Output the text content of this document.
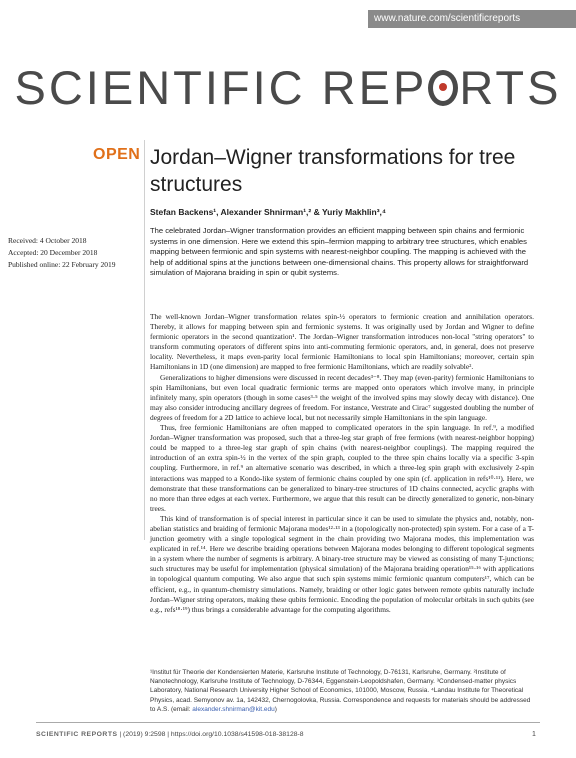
www.nature.com/scientificreports
SCIENTIFIC REP RTS
OPEN Jordan–Wigner transformations for tree structures
Stefan Backens¹, Alexander Shnirman¹,² & Yuriy Makhlin³,⁴
Received: 4 October 2018
Accepted: 20 December 2018
Published online: 22 February 2019
The celebrated Jordan–Wigner transformation provides an efficient mapping between spin chains and fermionic systems in one dimension. Here we extend this spin–fermion mapping to arbitrary tree structures, which enables mapping between fermionic and spin systems with nearest-neighbor coupling. The mapping is achieved with the help of additional spins at the junctions between one-dimensional chains. This property allows for straightforward simulation of Majorana braiding in spin or qubit systems.

The well-known Jordan–Wigner transformation relates spin-½ operators to fermionic creation and annihilation operators. Thereby, it allows for mapping between spin and fermionic systems. It was originally used by Jordan and Wigner to define fermionic operators in the second quantization¹. The Jordan–Wigner transformation introduces non-local "string operators" to transform commuting operators of different spins into anti-commuting fermionic operators, and, in general, does not preserve locality. Nevertheless, it maps even-parity local fermionic Hamiltonians to local spin Hamiltonians; moreover, certain spin Hamiltonians in 1D (one dimension) are mapped to free fermionic Hamiltonians, which are readily solvable².

Generalizations to higher dimensions were discussed in recent decades³⁻⁸. They map (even-parity) fermionic Hamiltonians to spin Hamiltonians, but even local quadratic fermionic terms are mapped onto operators which involve many, in principle infinitely many, spin operators (though in some cases³·⁵ the weight of the involved spins may slowly decay with distance). One may also consider introducing ancillary degrees of freedom. For instance, Verstrate and Cirac⁷ suggested doubling the number of degrees of freedom for a 2D lattice to achieve local, but not necessarily simple Hamiltonians in the spin language.

Thus, free fermionic Hamiltonians are often mapped to complicated operators in the spin language. In ref.⁹, a modified Jordan–Wigner transformation was proposed, such that a three-leg star graph of free fermions (with nearest-neighbor hopping) could be mapped to a three-leg star graph of spin chains (with nearest-neighbor couplings). The mapping required the introduction of an extra spin-½ in the vertex of the spin graph, coupled to the three spin chains locally via a specific 3-spin coupling. Furthermore, in ref.⁹ an alternative scenario was described, in which a three-leg spin graph with exclusively 2-spin interactions was mapped to a Kondo-like system of fermionic chains coupled by one spin (cf. application in refs¹⁰·¹¹). Here, we demonstrate that these transformations can be generalized to binary-tree structures of 1D chains connected, acyclic graphs with no more than three edges at each vertex. Furthermore, we argue that this result can be directly generalized to generic, non-binary trees.

This kind of transformation is of special interest in particular since it can be used to simulate the physics and, notably, non-abelian statistics and braiding of fermionic Majorana modes¹²·¹³ in a (topologically non-protected) spin system. For a case of a T-junction geometry with a single topological segment in the chain providing two Majorana modes, this implementation was explicated in ref.¹⁴. Here we describe braiding operations between Majorana modes belonging to different topological segments in a system where the number of segments is arbitrary. A binary-tree structure may be viewed as consisting of many T-junctions; such structures may be useful for implementation (physical simulation) of the Majorana braiding operation¹⁵·¹⁶ with applications in topological quantum computing. We also argue that such spin systems mimic fermionic quantum computers¹⁷, which can be efficient, e.g., in quantum-chemistry simulations. Namely, braiding or other logic gates between remote qubits naturally include Jordan–Wigner string operators, making these qubits fermionic. Encoding the population of molecular orbitals in such qubits (see e.g., refs¹⁸·¹⁹) thus brings a considerable advantage for the computing algorithms.

¹Institut für Theorie der Kondensierten Materie, Karlsruhe Institute of Technology, D-76131, Karlsruhe, Germany. ²Institute of Nanotechnology, Karlsruhe Institute of Technology, D-76344, Eggenstein-Leopoldshafen, Germany. ³Condensed-matter physics Laboratory, National Research University Higher School of Economics, 101000, Moscow, Russia. ⁴Landau Institute for Theoretical Physics, acad. Semyonov av. 1a, 142432, Chernogolovka, Russia. Correspondence and requests for materials should be addressed to A.S. (email: alexander.shnirman@kit.edu)
SCIENTIFIC REPORTS | (2019) 9:2598 | https://doi.org/10.1038/s41598-018-38128-8	1
